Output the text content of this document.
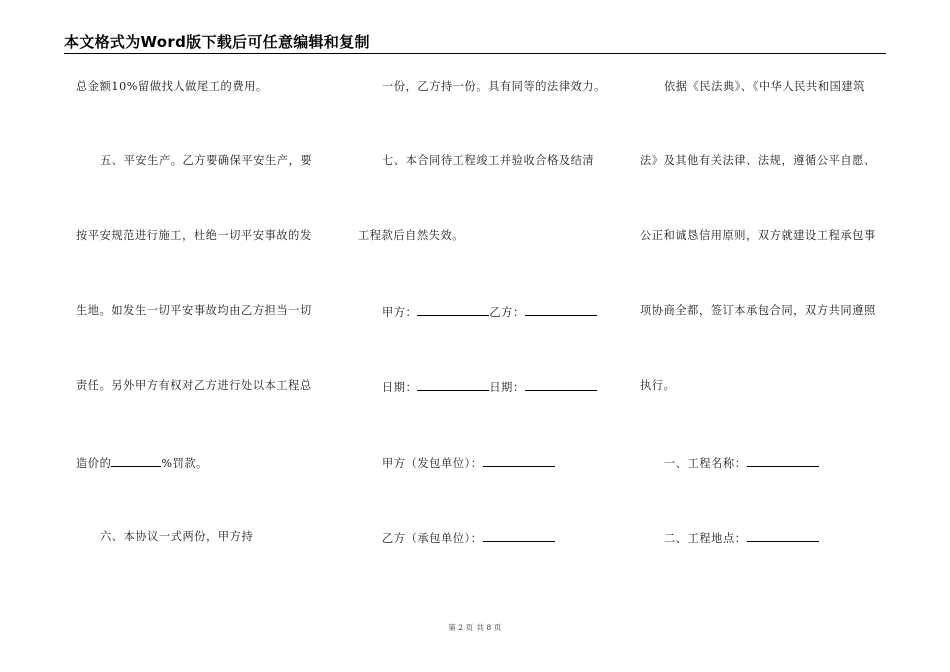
本文格式为Word版下载后可任意编辑和复制
总金额10%留做找人做尾工的费用。
五、平安生产。乙方要确保平安生产，要
按平安规范进行施工，杜绝一切平安事故的发
生地。如发生一切平安事故均由乙方担当一切
责任。另外甲方有权对乙方进行处以本工程总
造价的	%罚款。
六、本协议一式两份，甲方持
一份，乙方持一份。具有同等的法律效力。
七、本合同待工程竣工并验收合格及结清
工程款后自然失效。
甲方：	乙方：
日期：	日期：
甲方（发包单位）：
乙方（承包单位）：
依据《民法典》、《中华人民共和国建筑
法》及其他有关法律、法规，遵循公平自愿、
公正和诚恳信用原则，双方就建设工程承包事
项协商全都，签订本承包合同，双方共同遵照
执行。
一、工程名称：
二、工程地点：
第 2 页 共 8 页
